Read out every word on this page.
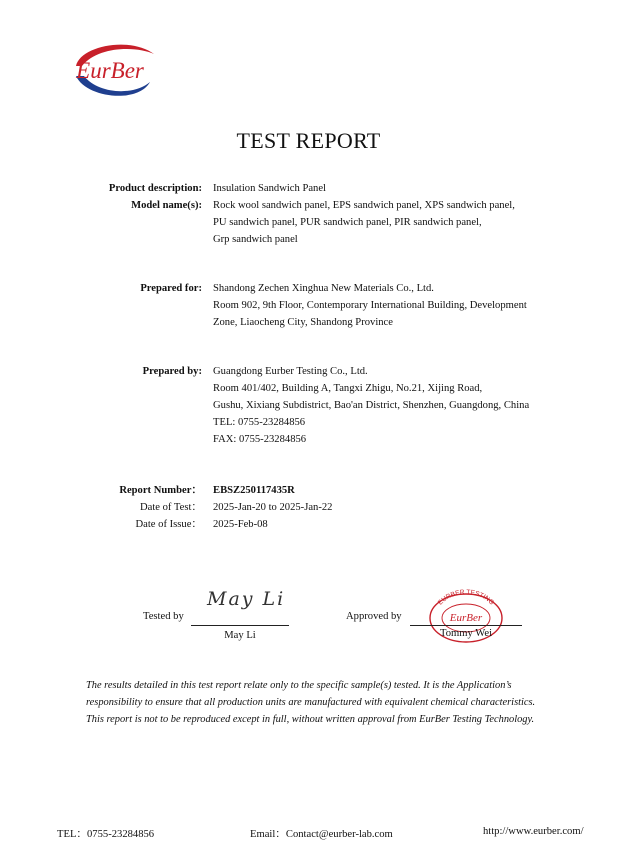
EurBer
TEST REPORT
Product description: Insulation Sandwich Panel
Model name(s): Rock wool sandwich panel, EPS sandwich panel, XPS sandwich panel,
PU sandwich panel, PUR sandwich panel, PIR sandwich panel,
Grp sandwich panel
Prepared for: Shandong Zechen Xinghua New Materials Co., Ltd.
Room 902, 9th Floor, Contemporary International Building, Development
Zone, Liaocheng City, Shandong Province
Prepared by: Guangdong Eurber Testing Co., Ltd.
Room 401/402, Building A, Tangxi Zhigu, No.21, Xijing Road,
Gushu, Xixiang Subdistrict, Bao'an District, Shenzhen, Guangdong, China
TEL: 0755-23284856
FAX: 0755-23284856
Report Number： EBSZ250117435R
Date of Test： 2025-Jan-20 to 2025-Jan-22
Date of Issue： 2025-Feb-08
Tested by
May Li
May Li
Approved by
EURBER TESTING
EurBer
Tommy Wei
The results detailed in this test report relate only to the specific sample(s) tested. It is the Application’s responsibility to ensure that all production units are manufactured with equivalent chemical characteristics. This report is not to be reproduced except in full, without written approval from EurBer Testing Technology.
TEL：0755-23284856	Email：Contact@eurber-lab.com	http://www.eurber.com/
